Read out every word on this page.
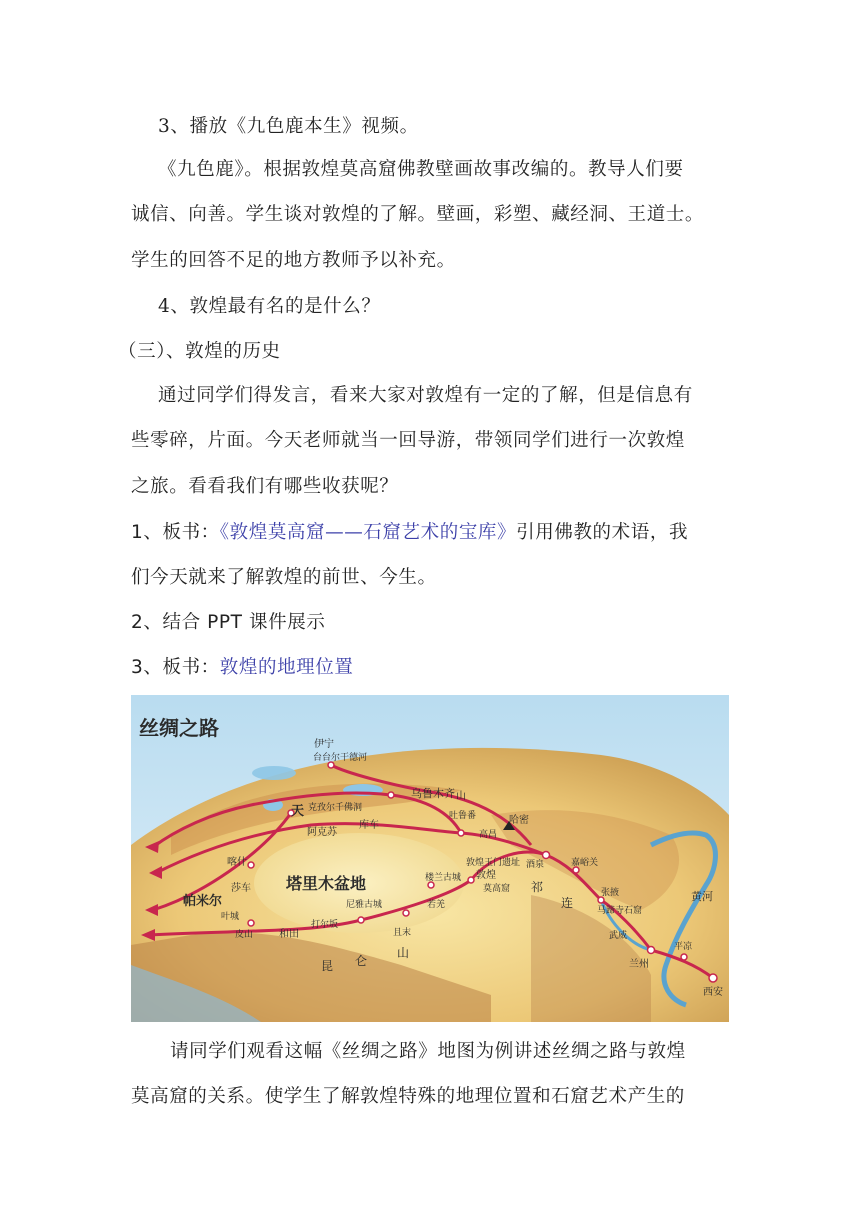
3、播放《九色鹿本生》视频。
《九色鹿》。根据敦煌莫高窟佛教壁画故事改编的。教导人们要
诚信、向善。学生谈对敦煌的了解。壁画，彩塑、藏经洞、王道士。
学生的回答不足的地方教师予以补充。
4、敦煌最有名的是什么？
（三）、敦煌的历史
通过同学们得发言，看来大家对敦煌有一定的了解，但是信息有
些零碎，片面。今天老师就当一回导游，带领同学们进行一次敦煌
之旅。看看我们有哪些收获呢？
1、板书：《敦煌莫高窟——石窟艺术的宝库》引用佛教的术语，我
们今天就来了解敦煌的前世、今生。
2、结合 PPT 课件展示
3、板书：敦煌的地理位置
丝绸之路
伊宁
台台尔干德河
天 克孜尔千佛洞
乌鲁木齐 山
阿克苏
库车
高昌
哈密
吐鲁番
喀什
帕米尔
塔里木盆地
莎车
楼兰古城
敦煌玉门遗址
敦煌
莫高窟
酒泉	嘉峪关
马蹄寺石窟
张掖
武威
兰州
平凉
西安
和田
皮山
叶城
打尔坂
尼雅古城
且末
若羌
昆 仑
山
祁
连	黄河
请同学们观看这幅《丝绸之路》地图为例讲述丝绸之路与敦煌
莫高窟的关系。使学生了解敦煌特殊的地理位置和石窟艺术产生的
